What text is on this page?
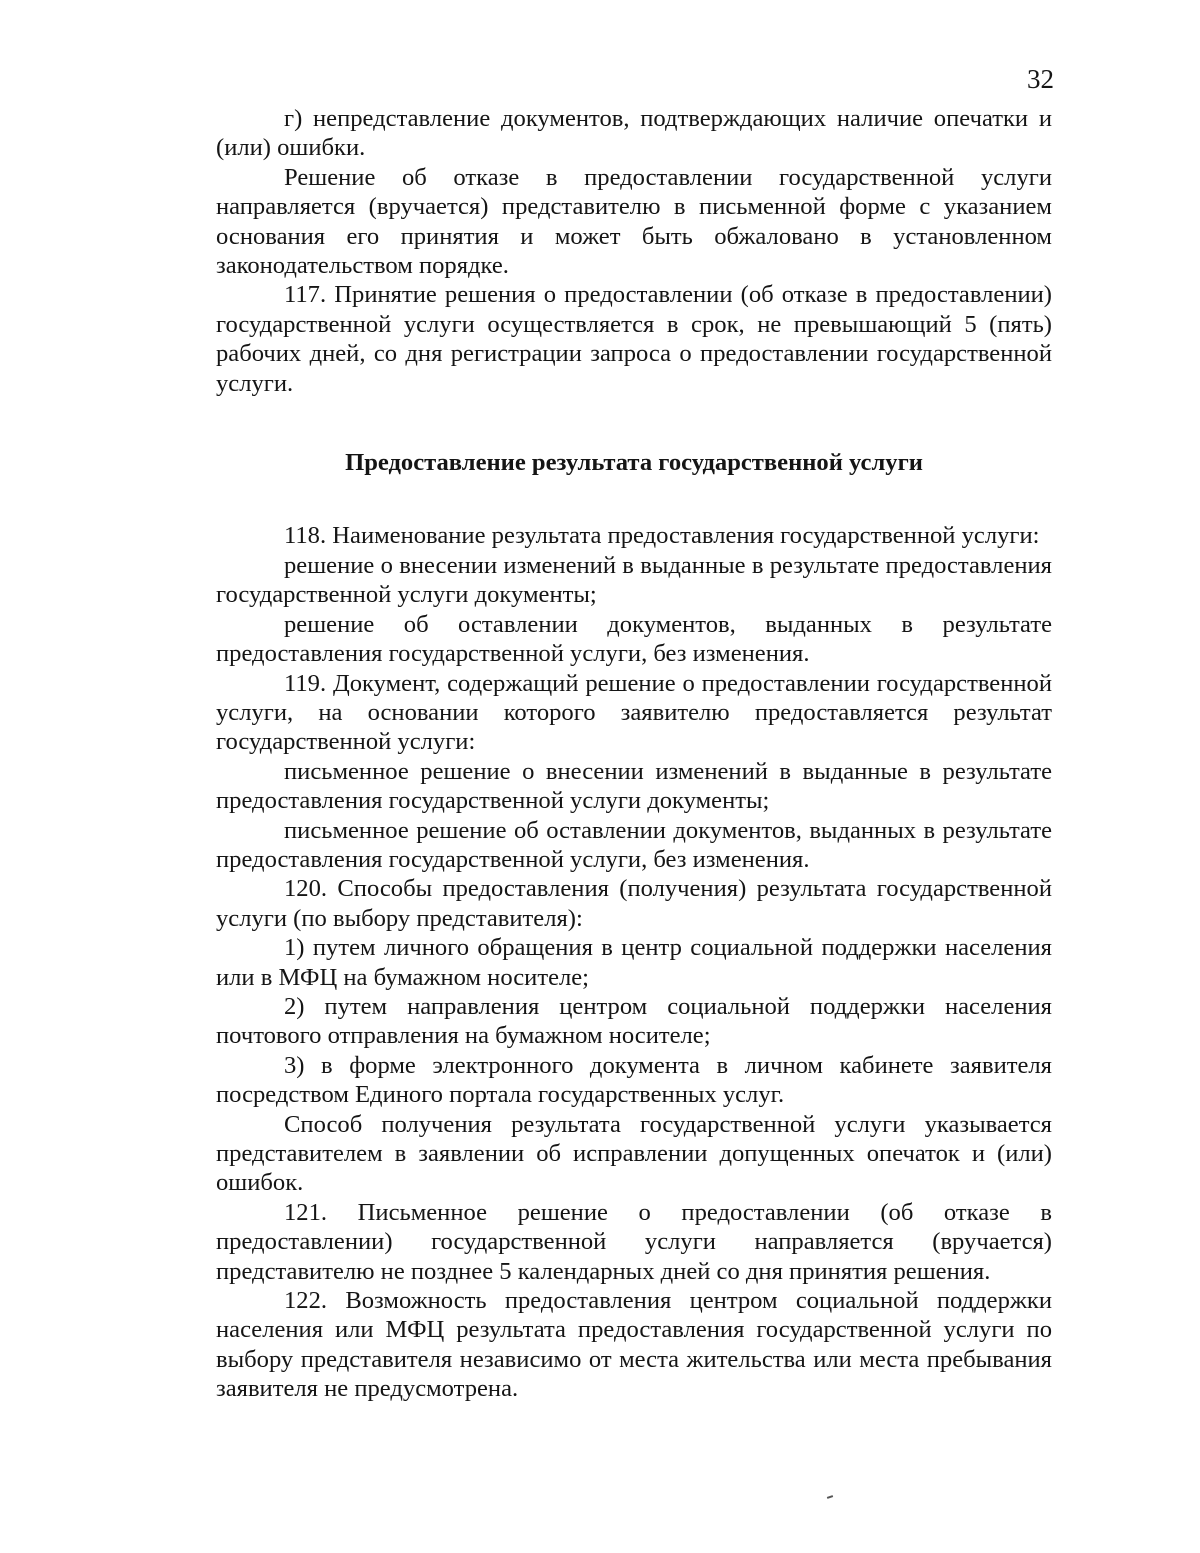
32

г) непредставление документов, подтверждающих наличие опечатки и (или) ошибки.

Решение об отказе в предоставлении государственной услуги направляется (вручается) представителю в письменной форме с указанием основания его принятия и может быть обжаловано в установленном законодательством порядке.

117. Принятие решения о предоставлении (об отказе в предоставлении) государственной услуги осуществляется в срок, не превышающий 5 (пять) рабочих дней, со дня регистрации запроса о предоставлении государственной услуги.

Предоставление результата государственной услуги

118. Наименование результата предоставления государственной услуги:

решение о внесении изменений в выданные в результате предоставления государственной услуги документы;

решение об оставлении документов, выданных в результате предоставления государственной услуги, без изменения.

119. Документ, содержащий решение о предоставлении государственной услуги, на основании которого заявителю предоставляется результат государственной услуги:

письменное решение о внесении изменений в выданные в результате предоставления государственной услуги документы;

письменное решение об оставлении документов, выданных в результате предоставления государственной услуги, без изменения.

120. Способы предоставления (получения) результата государственной услуги (по выбору представителя):

1) путем личного обращения в центр социальной поддержки населения или в МФЦ на бумажном носителе;

2) путем направления центром социальной поддержки населения почтового отправления на бумажном носителе;

3) в форме электронного документа в личном кабинете заявителя посредством Единого портала государственных услуг.

Способ получения результата государственной услуги указывается представителем в заявлении об исправлении допущенных опечаток и (или) ошибок.

121. Письменное решение о предоставлении (об отказе в предоставлении) государственной услуги направляется (вручается) представителю не позднее 5 календарных дней со дня принятия решения.

122. Возможность предоставления центром социальной поддержки населения или МФЦ результата предоставления государственной услуги по выбору представителя независимо от места жительства или места пребывания заявителя не предусмотрена.
